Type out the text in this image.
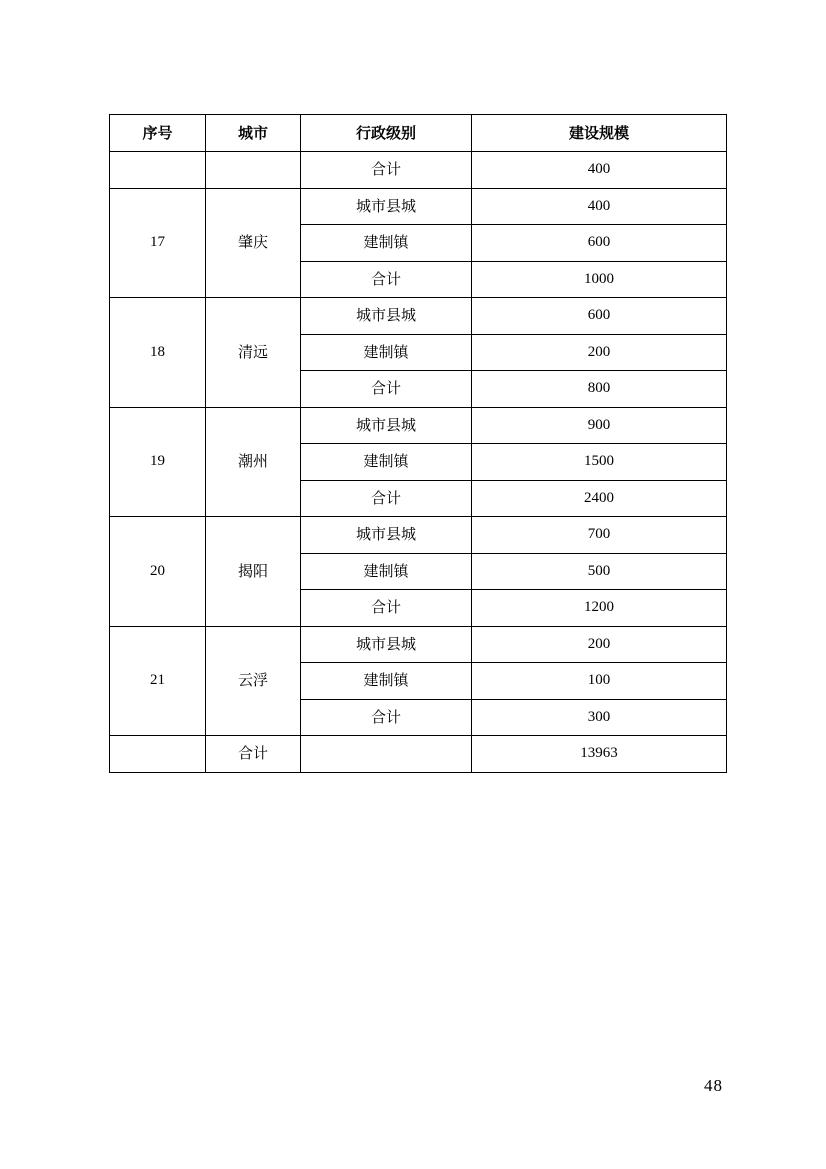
序号	城市	行政级别	建设规模
		合计	400
17	肇庆	城市县城	400
		建制镇	600
		合计	1000
18	清远	城市县城	600
		建制镇	200
		合计	800
19	潮州	城市县城	900
		建制镇	1500
		合计	2400
20	揭阳	城市县城	700
		建制镇	500
		合计	1200
21	云浮	城市县城	200
		建制镇	100
		合计	300
	合计		13963
48
